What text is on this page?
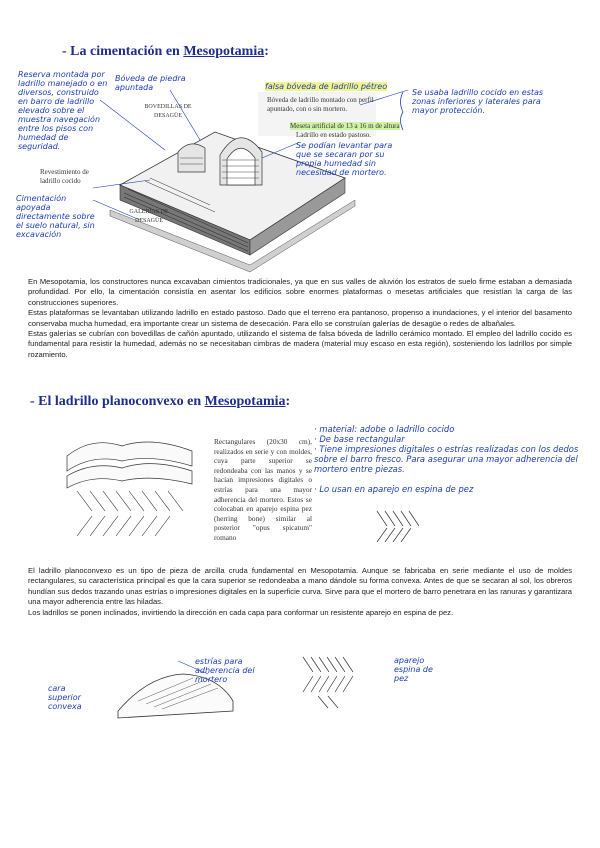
- La cimentación en Mesopotamia:
Reserva montada por ladrillo manejado o en diversos, construido en barro de ladrillo elevado sobre el muestra navegación entre los pisos con humedad de seguridad.
Bóveda de piedra apuntada
BOVEDILLAS DE DESAGÜE
falsa bóveda de ladrillo pétreo
Bóveda de ladrillo montado con perfil apuntado, con o sin mortero.
Meseta artificial de 13 a 16 m de altura
Ladrillo en estado pastoso.
Se podían levantar para que se secaran por su propia humedad sin necesidad de mortero.
Se usaba ladrillo cocido en estas zonas inferiores y laterales para mayor protección.
Revestimiento de ladrillo cocido
Cimentación apoyada directamente sobre el suelo natural, sin excavación
GALERÍAS DE DESAGÜE

En Mesopotamia, los constructores nunca excavaban cimientos tradicionales, ya que en sus valles de aluvión los estratos de suelo firme estaban a demasiada profundidad. Por ello, la cimentación consistía en asentar los edificios sobre enormes plataformas o mesetas artificiales que resistían la carga de las construcciones superiores.

Estas plataformas se levantaban utilizando ladrillo en estado pastoso. Dado que el terreno era pantanoso, propenso a inundaciones, y el interior del basamento conservaba mucha humedad, era importante crear un sistema de desecación. Para ello se construían galerías de desagüe o redes de albañales.

Estas galerías se cubrían con bovedillas de cañón apuntado, utilizando el sistema de falsa bóveda de ladrillo cerámico montado. El empleo del ladrillo cocido es fundamental para resistir la humedad, además no se necesitaban cimbras de madera (material muy escaso en esta región), sosteniendo los ladrillos por simple rozamiento.

- El ladrillo planoconvexo en Mesopotamia:
Rectangulares (20x30 cm), realizados en serie y con moldes, cuya parte superior se redondeaba con las manos y se hacían impresiones digitales o estrías para una mayor adherencia del mortero. Estos se colocaban en aparejo espina pez (herring bone) similar al posterior "opus spicatum" romano
· material: adobe o ladrillo cocido
· De base rectangular
· Tiene impresiones digitales o estrías realizadas con los dedos sobre el barro fresco. Para asegurar una mayor adherencia del mortero entre piezas.
· Lo usan en aparejo en espina de pez

El ladrillo planoconvexo es un tipo de pieza de arcilla cruda fundamental en Mesopotamia. Aunque se fabricaba en serie mediante el uso de moldes rectangulares, su característica principal es que la cara superior se redondeaba a mano dándole su forma convexa. Antes de que se secaran al sol, los obreros hundían sus dedos trazando unas estrías o impresiones digitales en la superficie curva. Sirve para que el mortero de barro penetrara en las ranuras y garantizara una mayor adherencia entre las hiladas.

Los ladrillos se ponen inclinados, invirtiendo la dirección en cada capa para conformar un resistente aparejo en espina de pez.

cara superior convexa
estrías para adherencia del mortero
aparejo espina de pez
